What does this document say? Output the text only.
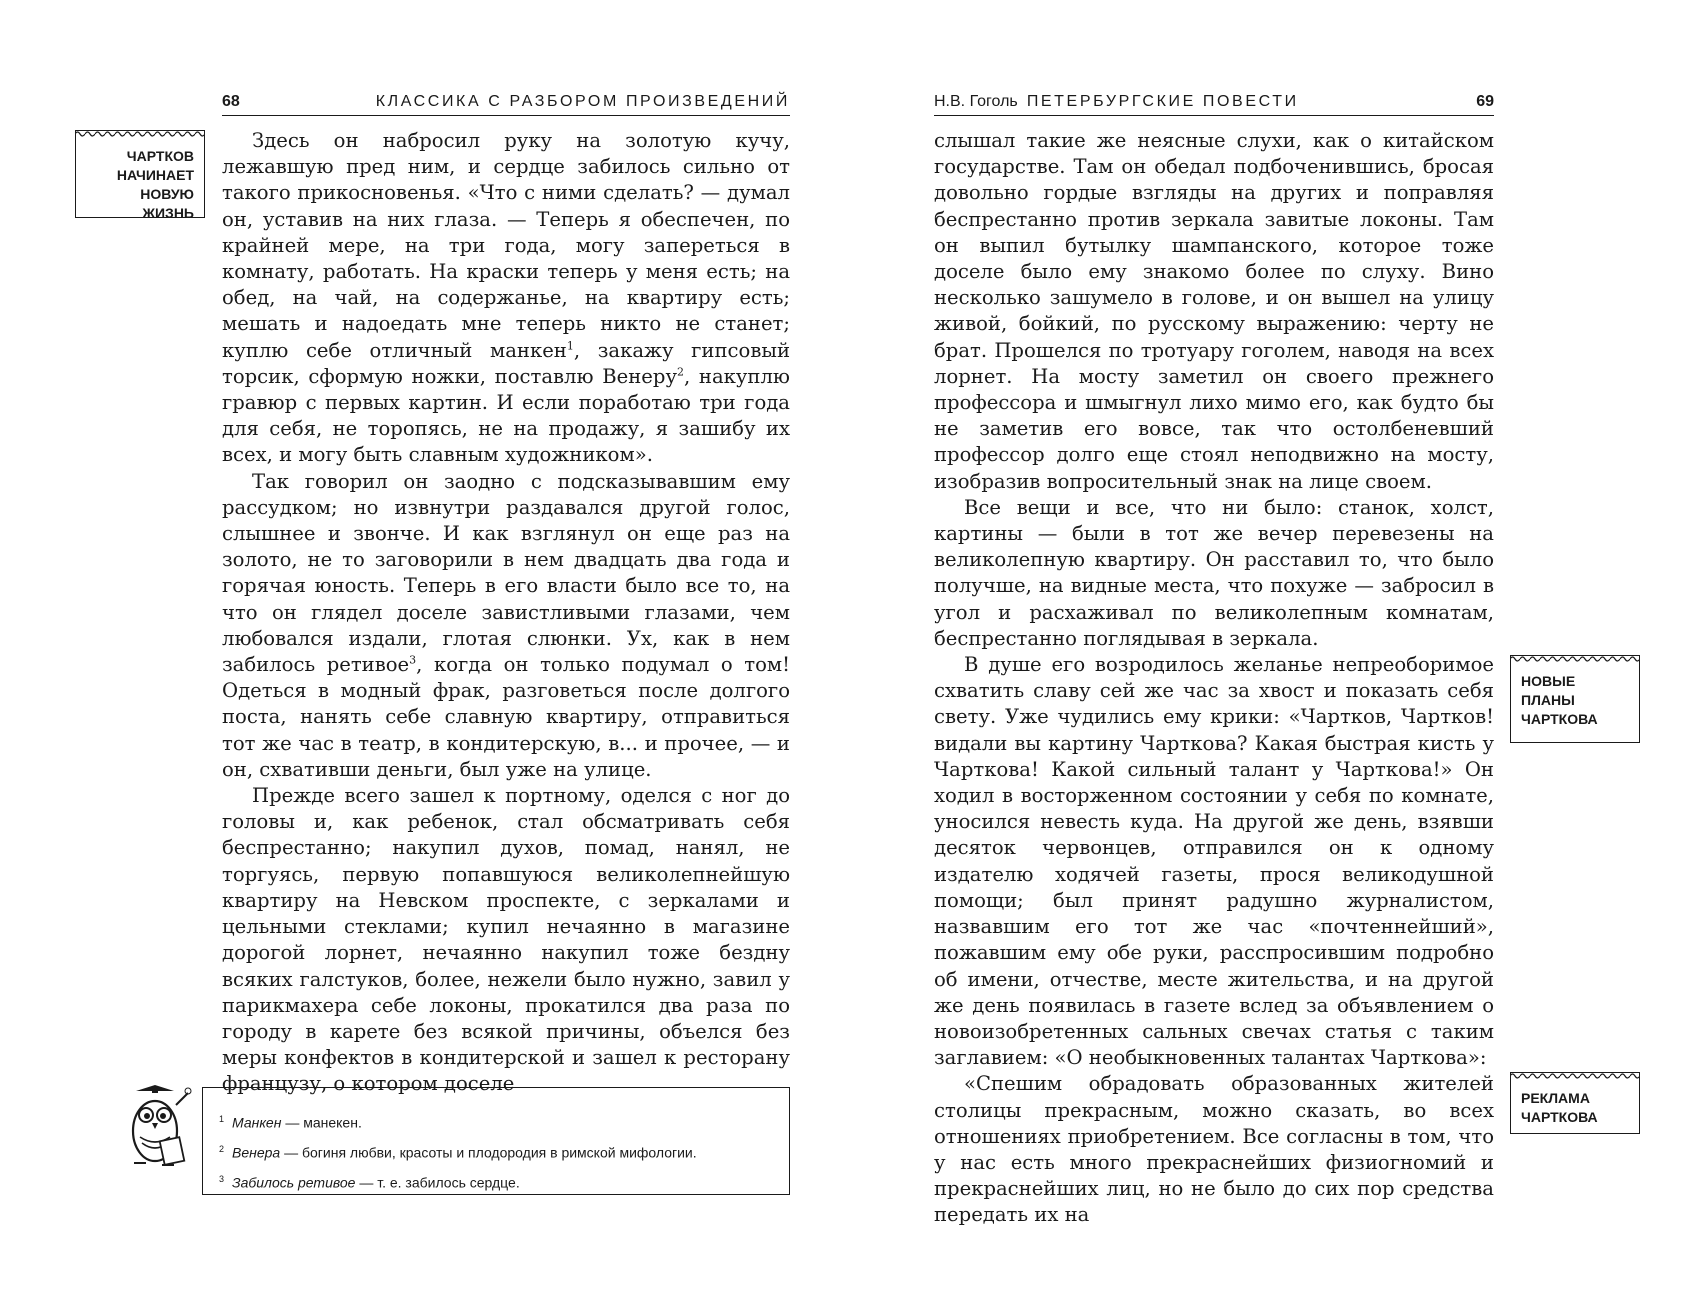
68	КЛАССИКА С РАЗБОРОМ ПРОИЗВЕДЕНИЙ	Н.В. Гоголь ПЕТЕРБУРГСКИЕ ПОВЕСТИ	69
ЧАРТКОВ
НАЧИНАЕТ
НОВУЮ ЖИЗНЬ

Здесь он набросил руку на золотую кучу, лежавшую пред ним, и сердце забилось сильно от такого прикосновенья. «Что с ними сделать? — думал он, уставив на них глаза. — Теперь я обеспечен, по крайней мере, на три года, могу запереться в комнату, работать. На краски теперь у меня есть; на обед, на чай, на содержанье, на квартиру есть; мешать и надоедать мне теперь никто не станет; куплю себе отличный манкен$^1$, закажу гипсовый торсик, сформую ножки, поставлю Венеру$^2$, накуплю гравюр с первых картин. И если поработаю три года для себя, не торопясь, не на продажу, я зашибу их всех, и могу быть славным художником».

Так говорил он заодно с подсказывавшим ему рассудком; но извнутри раздавался другой голос, слышнее и звонче. И как взглянул он еще раз на золото, не то заговорили в нем двадцать два года и горячая юность. Теперь в его власти было все то, на что он глядел доселе завистливыми глазами, чем любовался издали, глотая слюнки. Ух, как в нем забилось ретивое$^3$, когда он только подумал о том! Одеться в модный фрак, разговеться после долгого поста, нанять себе славную квартиру, отправиться тот же час в театр, в кондитерскую, в... и прочее, — и он, схвативши деньги, был уже на улице.

Прежде всего зашел к портному, оделся с ног до головы и, как ребенок, стал обсматривать себя беспрестанно; накупил духов, помад, нанял, не торгуясь, первую попавшуюся великолепнейшую квартиру на Невском проспекте, с зеркалами и цельными стеклами; купил нечаянно в магазине дорогой лорнет, нечаянно накупил тоже бездну всяких галстуков, более, нежели было нужно, завил у парикмахера себе локоны, прокатился два раза по городу в карете без всякой причины, объелся без меры конфектов в кондитерской и зашел к ресторану французу, о котором доселе

$^1$ Манкен — манекен.
$^2$ Венера — богиня любви, красоты и плодородия в римской мифологии.
$^3$ Забилось ретивое — т. е. забилось сердце.

слышал такие же неясные слухи, как о китайском государстве. Там он обедал подбоченившись, бросая довольно гордые взгляды на других и поправляя беспрестанно против зеркала завитые локоны. Там он выпил бутылку шампанского, которое тоже доселе было ему знакомо более по слуху. Вино несколько зашумело в голове, и он вышел на улицу живой, бойкий, по русскому выражению: черту не брат. Прошелся по тротуару гоголем, наводя на всех лорнет. На мосту заметил он своего прежнего профессора и шмыгнул лихо мимо его, как будто бы не заметив его вовсе, так что остолбеневший профессор долго еще стоял неподвижно на мосту, изобразив вопросительный знак на лице своем.

Все вещи и все, что ни было: станок, холст, картины — были в тот же вечер перевезены на великолепную квартиру. Он расставил то, что было получше, на видные места, что похуже — забросил в угол и расхаживал по великолепным комнатам, беспрестанно поглядывая в зеркала.

В душе его возродилось желанье непреоборимое схватить славу сей же час за хвост и показать себя свету. Уже чудились ему крики: «Чартков, Чартков! видали вы картину Чарткова? Какая быстрая кисть у Чарткова! Какой сильный талант у Чарткова!» Он ходил в восторженном состоянии у себя по комнате, уносился невесть куда. На другой же день, взявши десяток червонцев, отправился он к одному издателю ходячей газеты, прося великодушной помощи; был принят радушно журналистом, назвавшим его тот же час «почтеннейший», пожавшим ему обе руки, расспросившим подробно об имени, отчестве, месте жительства, и на другой же день появилась в газете вслед за объявлением о новоизобретенных сальных свечах статья с таким заглавием: «О необыкновенных талантах Чарткова»:

«Спешим обрадовать образованных жителей столицы прекрасным, можно сказать, во всех отношениях приобретением. Все согласны в том, что у нас есть много прекраснейших физиогномий и прекраснейших лиц, но не было до сих пор средства передать их на

НОВЫЕ
ПЛАНЫ
ЧАРТКОВА
РЕКЛАМА
ЧАРТКОВА
